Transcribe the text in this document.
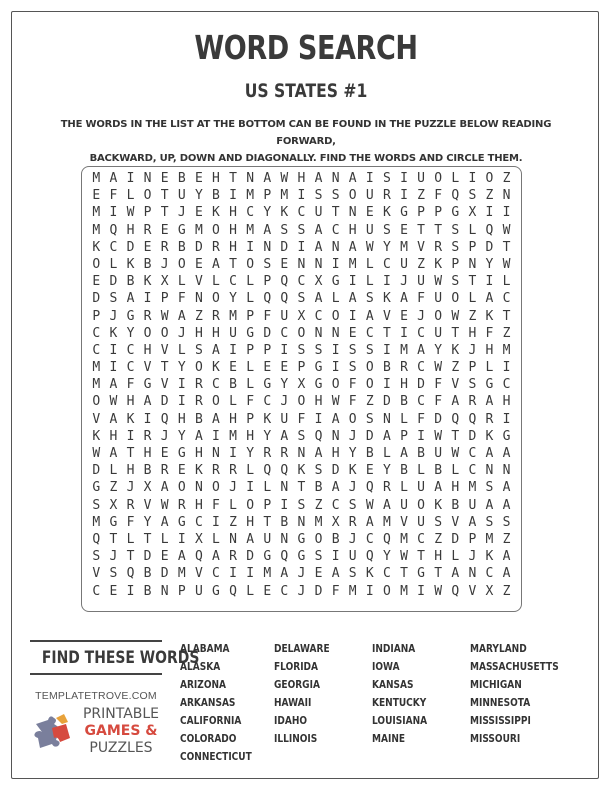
WORD SEARCH
US STATES #1
THE WORDS IN THE LIST AT THE BOTTOM CAN BE FOUND IN THE PUZZLE BELOW READING FORWARD,
BACKWARD, UP, DOWN AND DIAGONALLY. FIND THE WORDS AND CIRCLE THEM.
M A I N E B E H T N A W H A N A I S I U O L I O Z
E F L O T U Y B I M P M I S S O U R I Z F Q S Z N
M I W P T J E K H C Y K C U T N E K G P P G X I I
M Q H R E G M O H M A S S A C H U S E T T S L Q W
K C D E R B D R H I N D I A N A W Y M V R S P D T
O L K B J O E A T O S E N N I M L C U Z K P N Y W
E D B K X L V L C L P Q C X G I L I J U W S T I L
D S A I P F N O Y L Q Q S A L A S K A F U O L A C
P J G R W A Z R M P F U X C O I A V E J O W Z K T
C K Y O O J H H U G D C O N N E C T I C U T H F Z
C I C H V L S A I P P I S S I S S I M A Y K J H M
M I C V T Y O K E L E E P G I S O B R C W Z P L I
M A F G V I R C B L G Y X G O F O I H D F V S G C
O W H A D I R O L F C J O H W F Z D B C F A R A H
V A K I Q H B A H P K U F I A O S N L F D Q Q R I
K H I R J Y A I M H Y A S Q N J D A P I W T D K G
W A T H E G H N I Y R R N A H Y B L A B U W C A A
D L H B R E K R R L Q Q K S D K E Y B L B L C N N
G Z J X A O N O J I L N T B A J Q R L U A H M S A
S X R V W R H F L O P I S Z C S W A U O K B U A A
M G F Y A G C I Z H T B N M X R A M V U S V A S S
Q T L T L I X L N A U N G O B J C Q M C Z D P M Z
S J T D E A Q A R D G Q G S I U Q Y W T H L J K A
V S Q B D M V C I I M A J E A S K C T G T A N C A
C E I B N P U G Q L E C J D F M I O M I W Q V X Z
FIND THESE WORDS
TEMPLATETROVE.COM
PRINTABLE
GAMES &
PUZZLES
ALABAMA
ALASKA
ARIZONA
ARKANSAS
CALIFORNIA
COLORADO
CONNECTICUT
DELAWARE
FLORIDA
GEORGIA
HAWAII
IDAHO
ILLINOIS
INDIANA
IOWA
KANSAS
KENTUCKY
LOUISIANA
MAINE
MARYLAND
MASSACHUSETTS
MICHIGAN
MINNESOTA
MISSISSIPPI
MISSOURI
